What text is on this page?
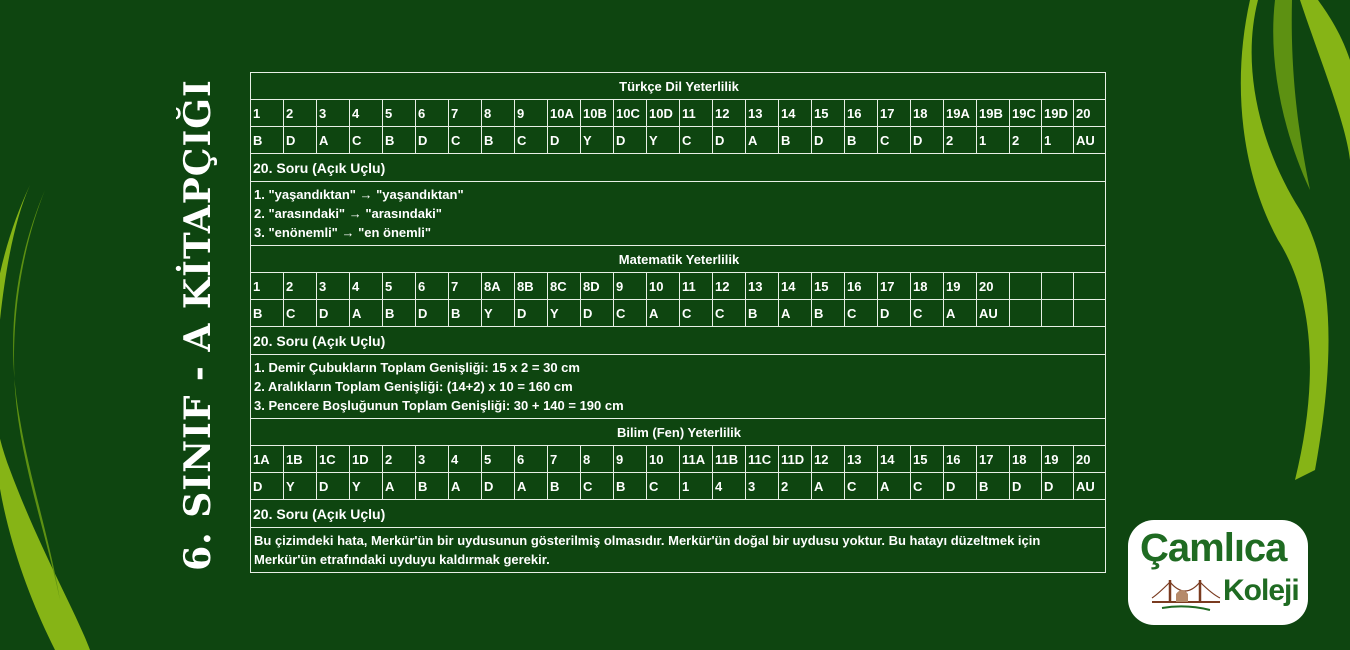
6. SINIF - A KİTAPÇIĞI	Türkçe Dil Yeterlilik																									
1	2	3	4	5	6	7	8	9	10A	10B	10C	10D	11	12	13	14	15	16	17	18	19A	19B	19C	19D	20
B	D	A	C	B	D	C	B	C	D	Y	D	Y	C	D	A	B	D	B	C	D	2	1	2	1	AU
20. Soru (Açık Uçlu)																									

1. "yaşandıktan" → "yaşandıktan"
2. "arasındaki" → "arasındaki"
3. "enönemli" → "en önemli"																									

Matematik Yeterlilik																									
1	2	3	4	5	6	7	8A	8B	8C	8D	9	10	11	12	13	14	15	16	17	18	19	20			
B	C	D	A	B	D	B	Y	D	Y	D	C	A	C	C	B	A	B	C	D	C	A	AU			
20. Soru (Açık Uçlu)																									

1. Demir Çubukların Toplam Genişliği: 15 x 2 = 30 cm
2. Aralıkların Toplam Genişliği: (14+2) x 10 = 160 cm
3. Pencere Boşluğunun Toplam Genişliği: 30 + 140 = 190 cm																									

Bilim (Fen) Yeterlilik																									
1A	1B	1C	1D	2	3	4	5	6	7	8	9	10	11A	11B	11C	11D	12	13	14	15	16	17	18	19	20
D	Y	D	Y	A	B	A	D	A	B	C	B	C	1	4	3	2	A	C	A	C	D	B	D	D	AU
20. Soru (Açık Uçlu)																									

Bu çizimdeki hata, Merkür'ün bir uydusunun gösterilmiş olmasıdır. Merkür'ün doğal bir uydusu yoktur. Bu hatayı düzeltmek için Merkür'ün etrafındaki uyduyu kaldırmak gerekir.																										Çamlıca
Koleji
